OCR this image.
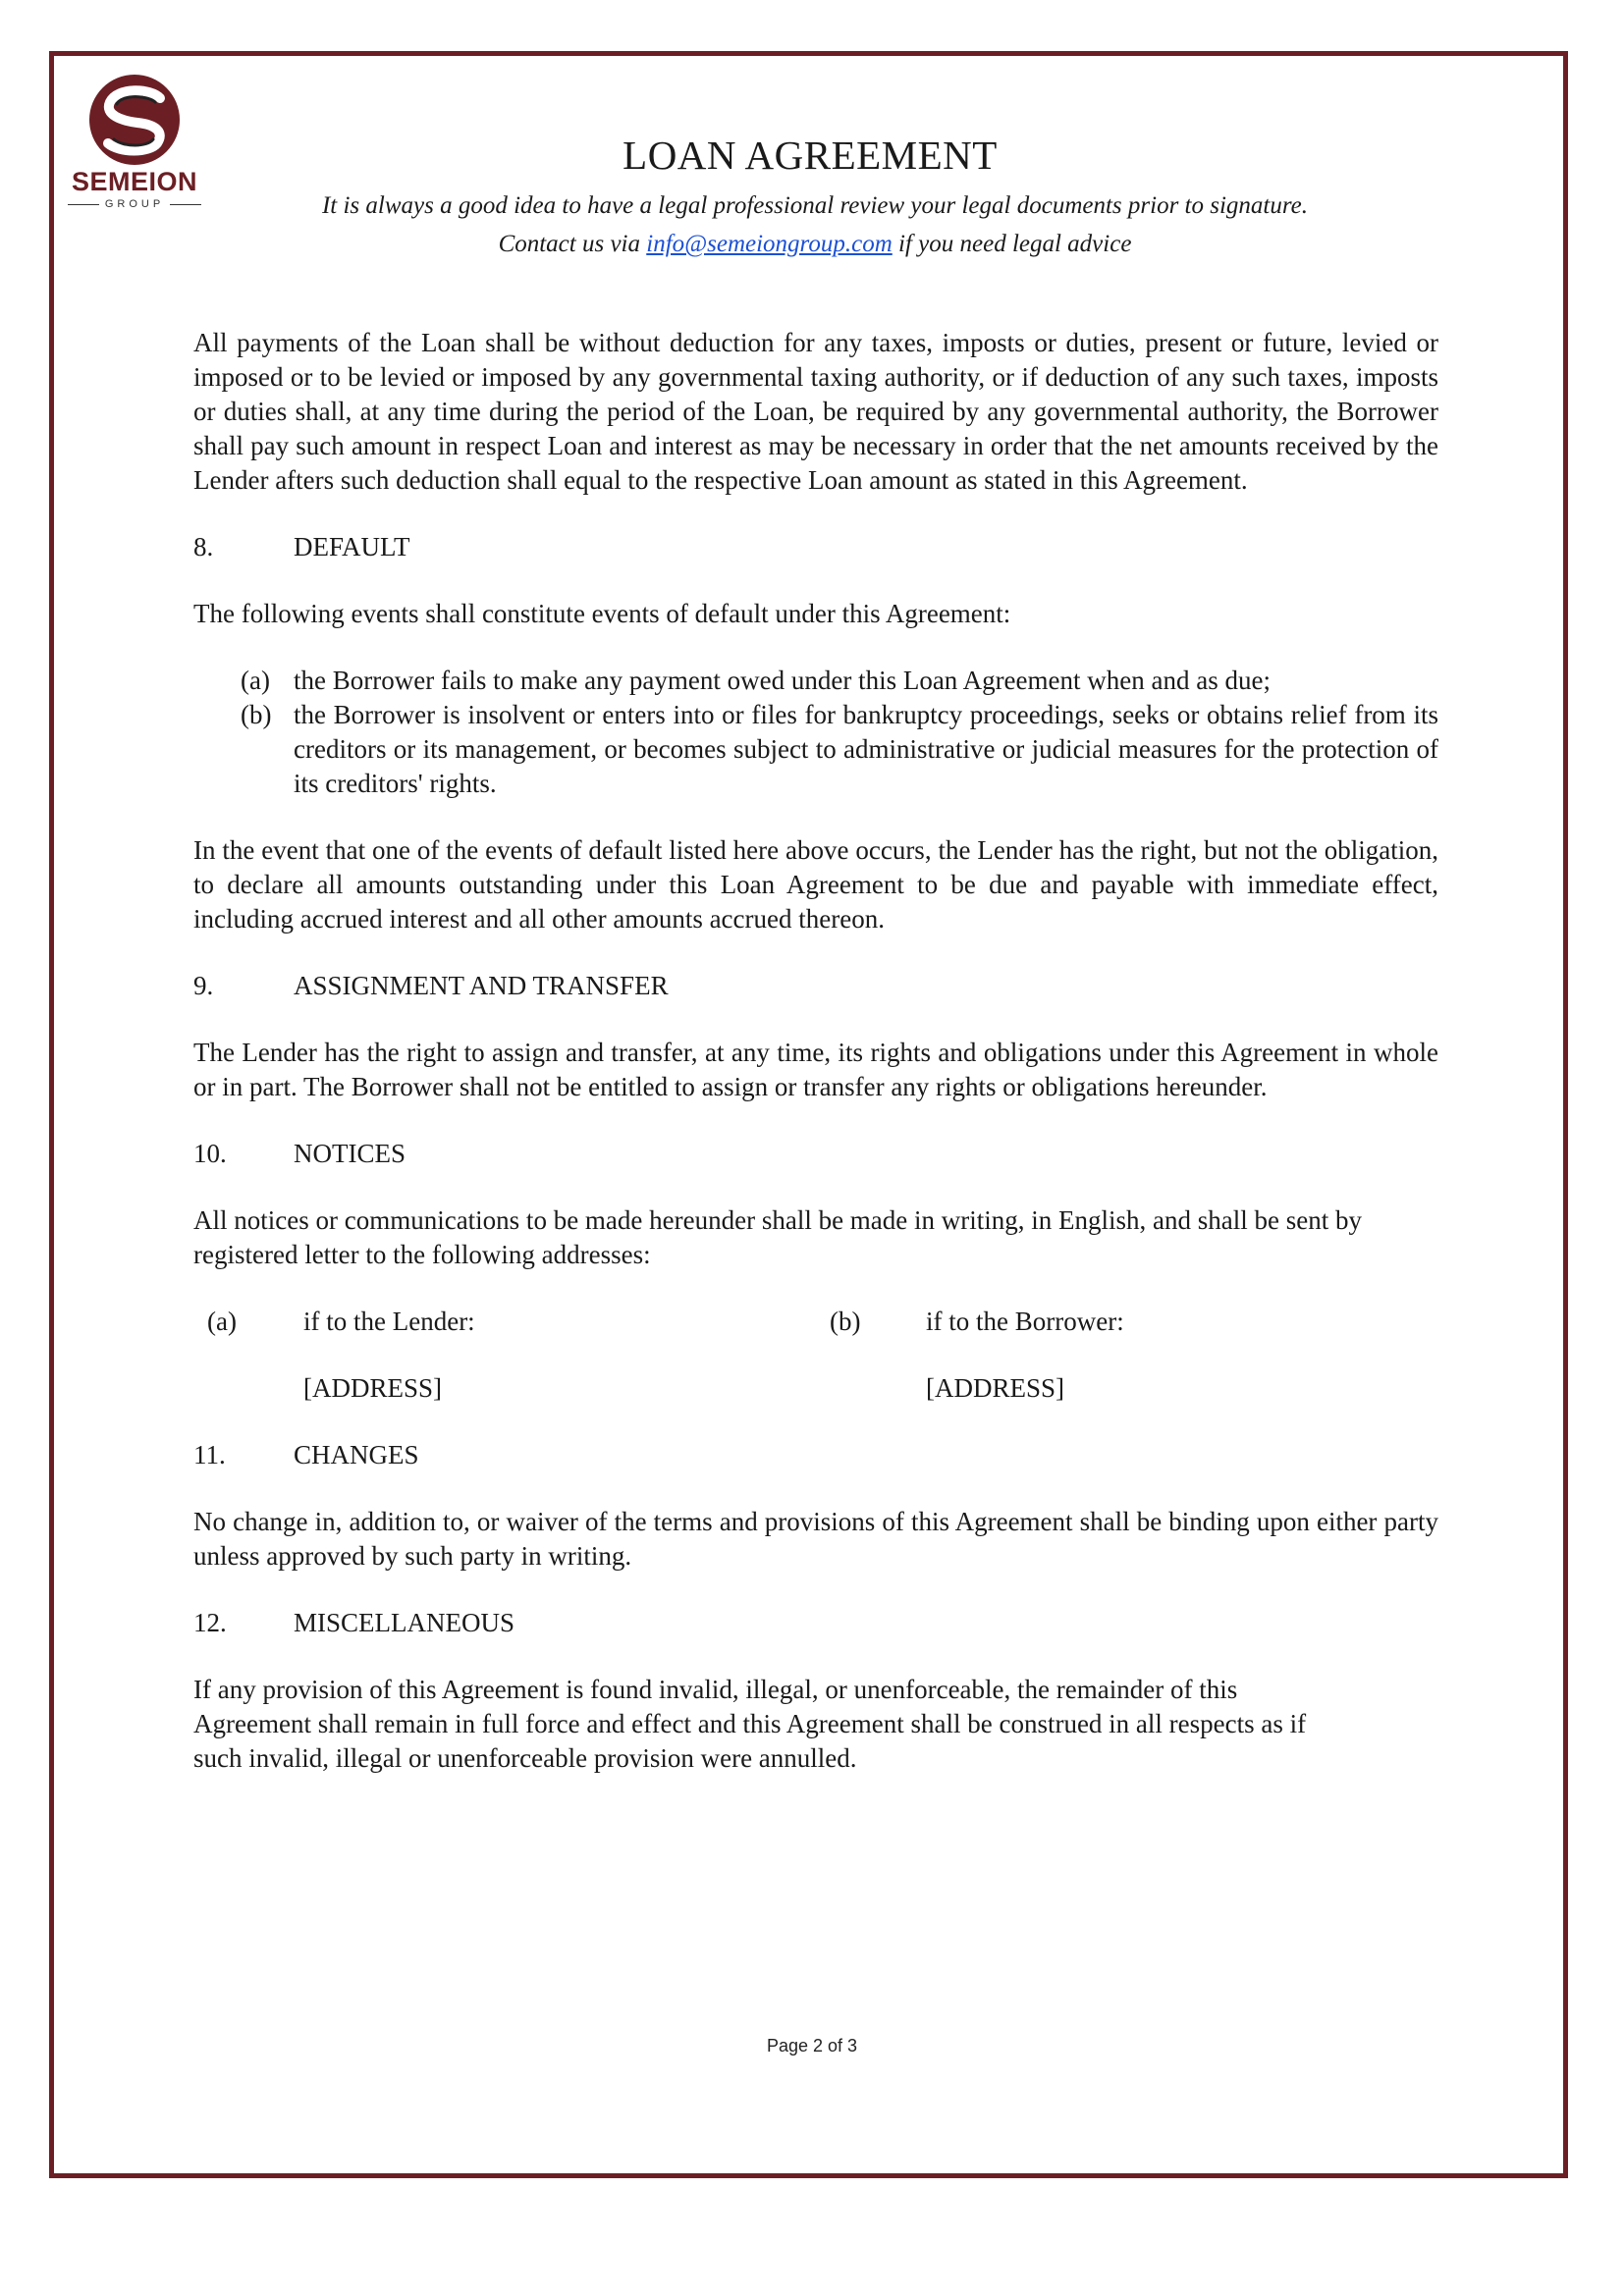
SEMEION
GROUP
LOAN AGREEMENT
It is always a good idea to have a legal professional review your legal documents prior to signature.
Contact us via info@semeiongroup.com if you need legal advice

All payments of the Loan shall be without deduction for any taxes, imposts or duties, present or future, levied or imposed or to be levied or imposed by any governmental taxing authority, or if deduction of any such taxes, imposts or duties shall, at any time during the period of the Loan, be required by any governmental authority, the Borrower shall pay such amount in respect Loan and interest as may be necessary in order that the net amounts received by the Lender afters such deduction shall equal to the respective Loan amount as stated in this Agreement.

8.	DEFAULT

The following events shall constitute events of default under this Agreement:

(a) the Borrower fails to make any payment owed under this Loan Agreement when and as due;
(b) the Borrower is insolvent or enters into or files for bankruptcy proceedings, seeks or obtains relief from its creditors or its management, or becomes subject to administrative or judicial measures for the protection of its creditors' rights.

In the event that one of the events of default listed here above occurs, the Lender has the right, but not the obligation, to declare all amounts outstanding under this Loan Agreement to be due and payable with immediate effect, including accrued interest and all other amounts accrued thereon.

9.	ASSIGNMENT AND TRANSFER

The Lender has the right to assign and transfer, at any time, its rights and obligations under this Agreement in whole or in part. The Borrower shall not be entitled to assign or transfer any rights or obligations hereunder.

10.	NOTICES

All notices or communications to be made hereunder shall be made in writing, in English, and shall be sent by registered letter to the following addresses:

(a)	if to the Lender:
[ADDRESS]
(b)	if to the Borrower:
[ADDRESS]
11.	CHANGES

No change in, addition to, or waiver of the terms and provisions of this Agreement shall be binding upon either party unless approved by such party in writing.

12.	MISCELLANEOUS

If any provision of this Agreement is found invalid, illegal, or unenforceable, the remainder of this Agreement shall remain in full force and effect and this Agreement shall be construed in all respects as if such invalid, illegal or unenforceable provision were annulled.

Page 2 of 3
